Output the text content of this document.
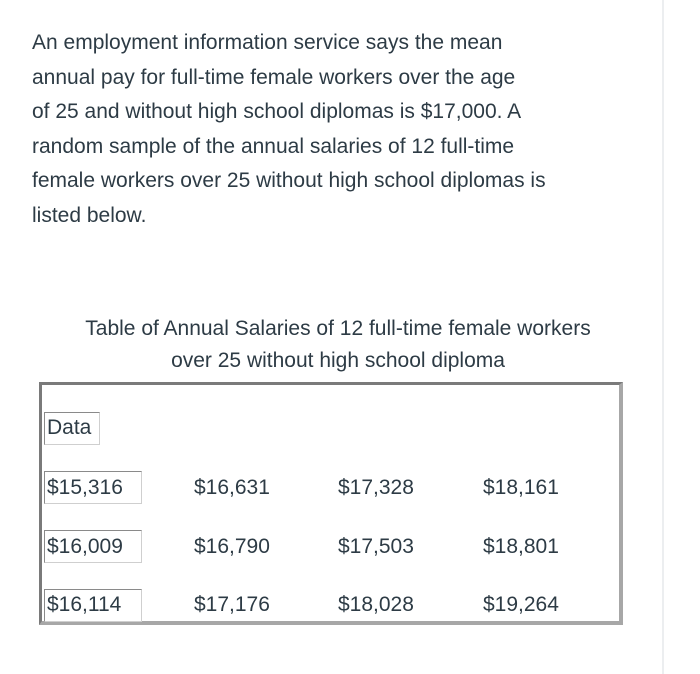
An employment information service says the mean
annual pay for full-time female workers over the age
of 25 and without high school diplomas is $17,000. A
random sample of the annual salaries of 12 full-time
female workers over 25 without high school diplomas is
listed below.

Table of Annual Salaries of 12 full-time female workers
over 25 without high school diploma

Data
$15,316	$16,631	$17,328	$18,161
$16,009	$16,790	$17,503	$18,801
$16,114	$17,176	$18,028	$19,264
